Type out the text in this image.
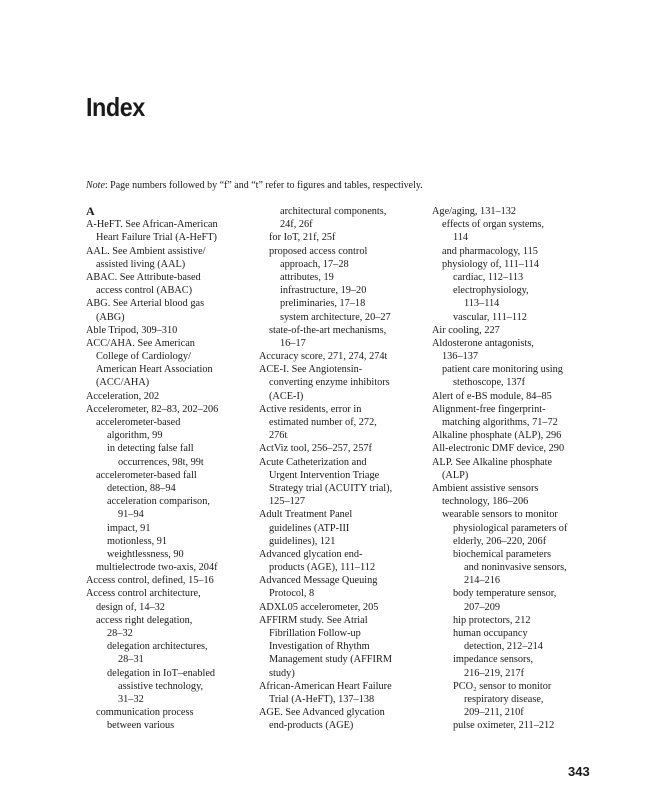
Index
Note: Page numbers followed by “f” and “t” refer to figures and tables, respectively.
A
A-HeFT. See African-American
Heart Failure Trial (A-HeFT)
AAL. See Ambient assistive/
assisted living (AAL)
ABAC. See Attribute-based
access control (ABAC)
ABG. See Arterial blood gas
(ABG)
Able Tripod, 309–310
ACC/AHA. See American
College of Cardiology/
American Heart Association
(ACC/AHA)
Acceleration, 202
Accelerometer, 82–83, 202–206
accelerometer-based
algorithm, 99
in detecting false fall
occurrences, 98t, 99t
accelerometer-based fall
detection, 88–94
acceleration comparison,
91–94
impact, 91
motionless, 91
weightlessness, 90
multielectrode two-axis, 204f
Access control, defined, 15–16
Access control architecture,
design of, 14–32
access right delegation,
28–32
delegation architectures,
28–31
delegation in IoT–enabled
assistive technology,
31–32
communication process
between various
architectural components,
24f, 26f
for IoT, 21f, 25f
proposed access control
approach, 17–28
attributes, 19
infrastructure, 19–20
preliminaries, 17–18
system architecture, 20–27
state-of-the-art mechanisms,
16–17
Accuracy score, 271, 274, 274t
ACE-I. See Angiotensin-
converting enzyme inhibitors
(ACE-I)
Active residents, error in
estimated number of, 272,
276t
ActViz tool, 256–257, 257f
Acute Catheterization and
Urgent Intervention Triage
Strategy trial (ACUITY trial),
125–127
Adult Treatment Panel
guidelines (ATP-III
guidelines), 121
Advanced glycation end-
products (AGE), 111–112
Advanced Message Queuing
Protocol, 8
ADXL05 accelerometer, 205
AFFIRM study. See Atrial
Fibrillation Follow-up
Investigation of Rhythm
Management study (AFFIRM
study)
African-American Heart Failure
Trial (A-HeFT), 137–138
AGE. See Advanced glycation
end-products (AGE)
Age/aging, 131–132
effects of organ systems,
114
and pharmacology, 115
physiology of, 111–114
cardiac, 112–113
electrophysiology,
113–114
vascular, 111–112
Air cooling, 227
Aldosterone antagonists,
136–137
patient care monitoring using
stethoscope, 137f
Alert of e-BS module, 84–85
Alignment-free fingerprint-
matching algorithms, 71–72
Alkaline phosphate (ALP), 296
All-electronic DMF device, 290
ALP. See Alkaline phosphate
(ALP)
Ambient assistive sensors
technology, 186–206
wearable sensors to monitor
physiological parameters of
elderly, 206–220, 206f
biochemical parameters
and noninvasive sensors,
214–216
body temperature sensor,
207–209
hip protectors, 212
human occupancy
detection, 212–214
impedance sensors,
216–219, 217f
PCO₂ sensor to monitor
respiratory disease,
209–211, 210f
pulse oximeter, 211–212
343
